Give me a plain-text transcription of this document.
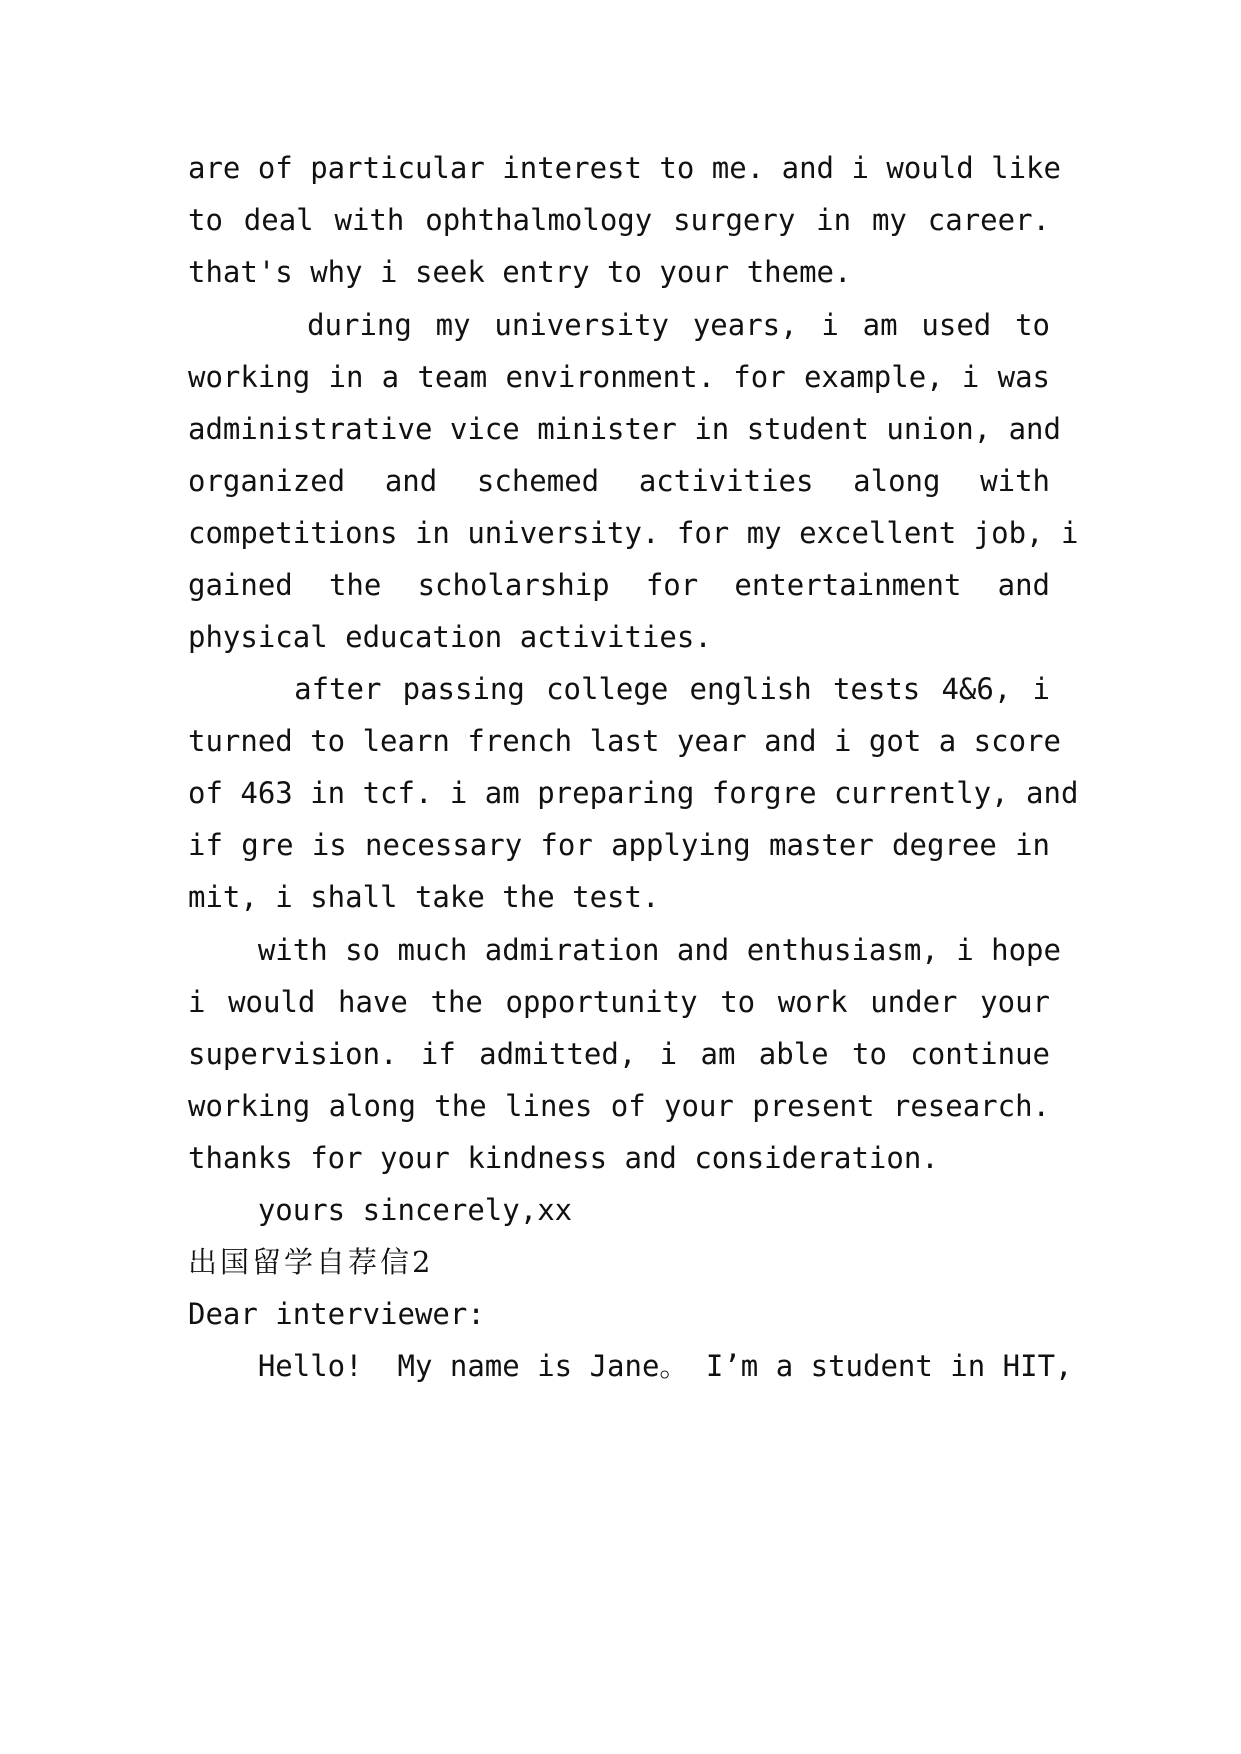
are of particular interest to me. and i would like
to deal with ophthalmology surgery in my career.
that's why i seek entry to your theme.
during my university years, i am used to
working in a team environment. for example, i was
administrative vice minister in student union, and
organized and schemed activities along with
competitions in university. for my excellent job, i
gained the scholarship for entertainment and
physical education activities.
after passing college english tests 4&6, i
turned to learn french last year and i got a score
of 463 in tcf. i am preparing forgre currently, and
if gre is necessary for applying master degree in
mit, i shall take the test.
with so much admiration and enthusiasm, i hope
i would have the opportunity to work under your
supervision. if admitted, i am able to continue
working along the lines of your present research.
thanks for your kindness and consideration.
yours sincerely,xx
出国留学自荐信2
Dear interviewer:
Hello!  My name is Jane。 I’m a student in HIT,
